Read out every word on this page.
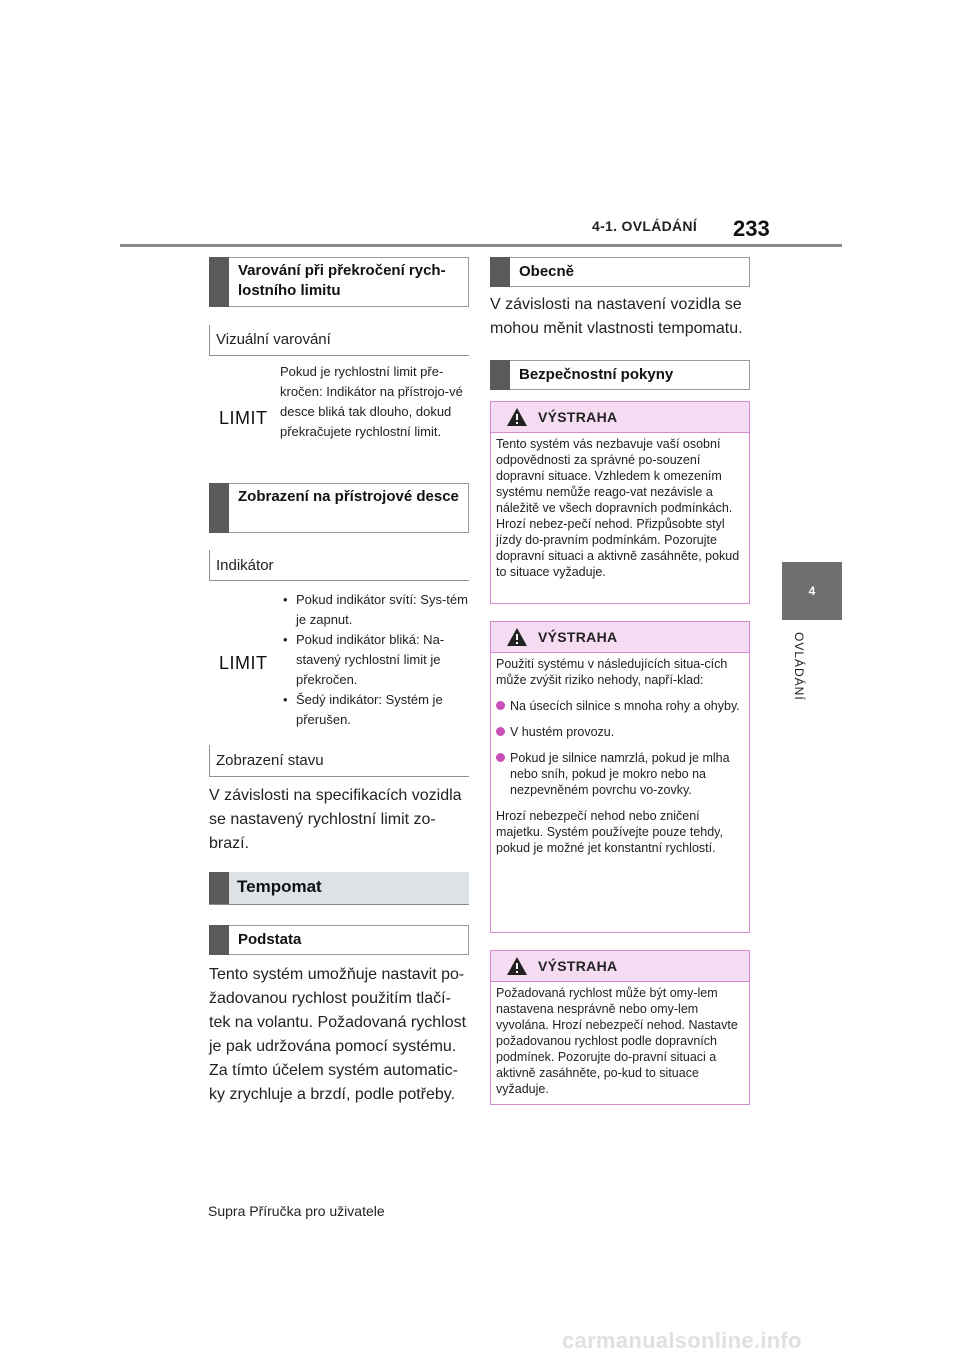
4-1. OVLÁDÁNÍ 233
4
OVLÁDÁNÍ
Varování při překročení rych-lostního limitu
Vizuální varování
LIMIT
Pokud je rychlostní limit pře-kročen: Indikátor na přístrojo-vé desce bliká tak dlouho, dokud překračujete rychlostní limit.
Zobrazení na přístrojové desce
Indikátor
LIMIT
• Pokud indikátor svítí: Sys-tém je zapnut.
• Pokud indikátor bliká: Na-stavený rychlostní limit je překročen.
• Šedý indikátor: Systém je přerušen.
Zobrazení stavu
V závislosti na specifikacích vozidla se nastavený rychlostní limit zo-brazí.
Tempomat
Podstata
Tento systém umožňuje nastavit po-žadovanou rychlost použitím tlačí-tek na volantu. Požadovaná rychlost je pak udržována pomocí systému. Za tímto účelem systém automatic-ky zrychluje a brzdí, podle potřeby.
Obecně
V závislosti na nastavení vozidla se mohou měnit vlastnosti tempomatu.
Bezpečnostní pokyny
VÝSTRAHA

Tento systém vás nezbavuje vaší osobní odpovědnosti za správné po-souzení dopravní situace. Vzhledem k omezením systému nemůže reago-vat nezávisle a náležitě ve všech dopravních podmínkách. Hrozí nebez-pečí nehod. Přizpůsobte styl jízdy do-pravním podmínkám. Pozorujte dopravní situaci a aktivně zasáhněte, pokud to situace vyžaduje.

VÝSTRAHA

Použití systému v následujících situa-cích může zvýšit riziko nehody, napří-klad:

Na úsecích silnice s mnoha rohy a ohyby.
V hustém provozu.
Pokud je silnice namrzlá, pokud je mlha nebo sníh, pokud je mokro nebo na nezpevněném povrchu vo-zovky.

Hrozí nebezpečí nehod nebo zničení majetku. Systém používejte pouze tehdy, pokud je možné jet konstantní rychlostí.

VÝSTRAHA

Požadovaná rychlost může být omy-lem nastavena nesprávně nebo omy-lem vyvolána. Hrozí nebezpečí nehod. Nastavte požadovanou rychlost podle dopravních podmínek. Pozorujte do-pravní situaci a aktivně zasáhněte, po-kud to situace vyžaduje.

Supra Příručka pro uživatele
carmanualsonline.info
